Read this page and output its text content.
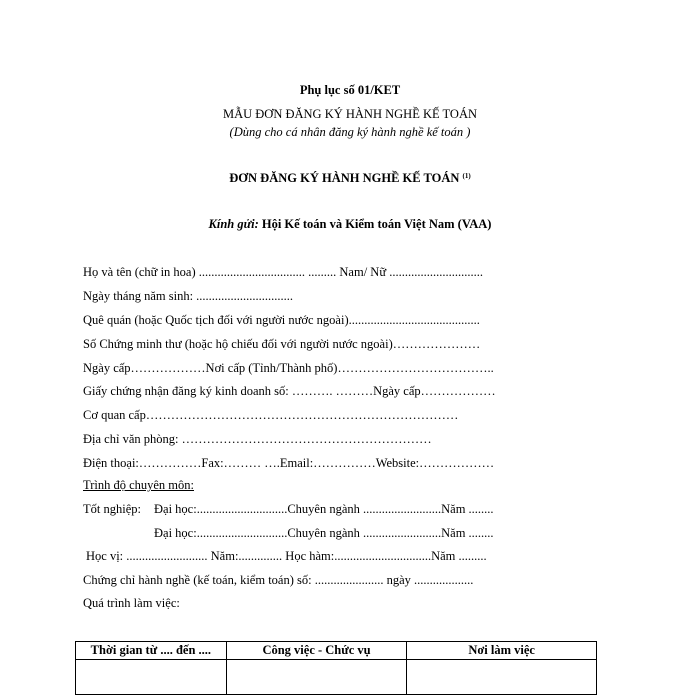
Phụ lục số 01/KET
MẪU ĐƠN ĐĂNG KÝ HÀNH NGHỀ KẾ TOÁN
(Dùng cho cá nhân đăng ký hành nghề kế toán )
ĐƠN ĐĂNG KÝ HÀNH NGHỀ KẾ TOÁN $^{(1)}$
Kính gửi: Hội Kế toán và Kiểm toán Việt Nam (VAA)
Họ và tên (chữ in hoa) .................................. ......... Nam/ Nữ ..............................
Ngày tháng năm sinh: ...............................
Quê quán (hoặc Quốc tịch đối với người nước ngoài)..........................................
Số Chứng minh thư (hoặc hộ chiếu đối với người nước ngoài)…………………
Ngày cấp………………Nơi cấp (Tỉnh/Thành phố)………………………………..
Giấy chứng nhận đăng ký kinh doanh số: ………. ………Ngày cấp………………
Cơ quan cấp…………………………………………………………………
Địa chỉ văn phòng: ……………………………………………………
Điện thoại:……………Fax:……… ….Email:……………Website:………………
Trình độ chuyên môn:
Tốt nghiệp: Đại học:.............................Chuyên ngành .........................Năm ........
Đại học:.............................Chuyên ngành .........................Năm ........
Học vị: .......................... Năm:.............. Học hàm:...............................Năm .........
Chứng chỉ hành nghề (kế toán, kiểm toán) số: ...................... ngày ...................
Quá trình làm việc:
Thời gian từ .... đến ....	Công việc - Chức vụ	Nơi làm việc
